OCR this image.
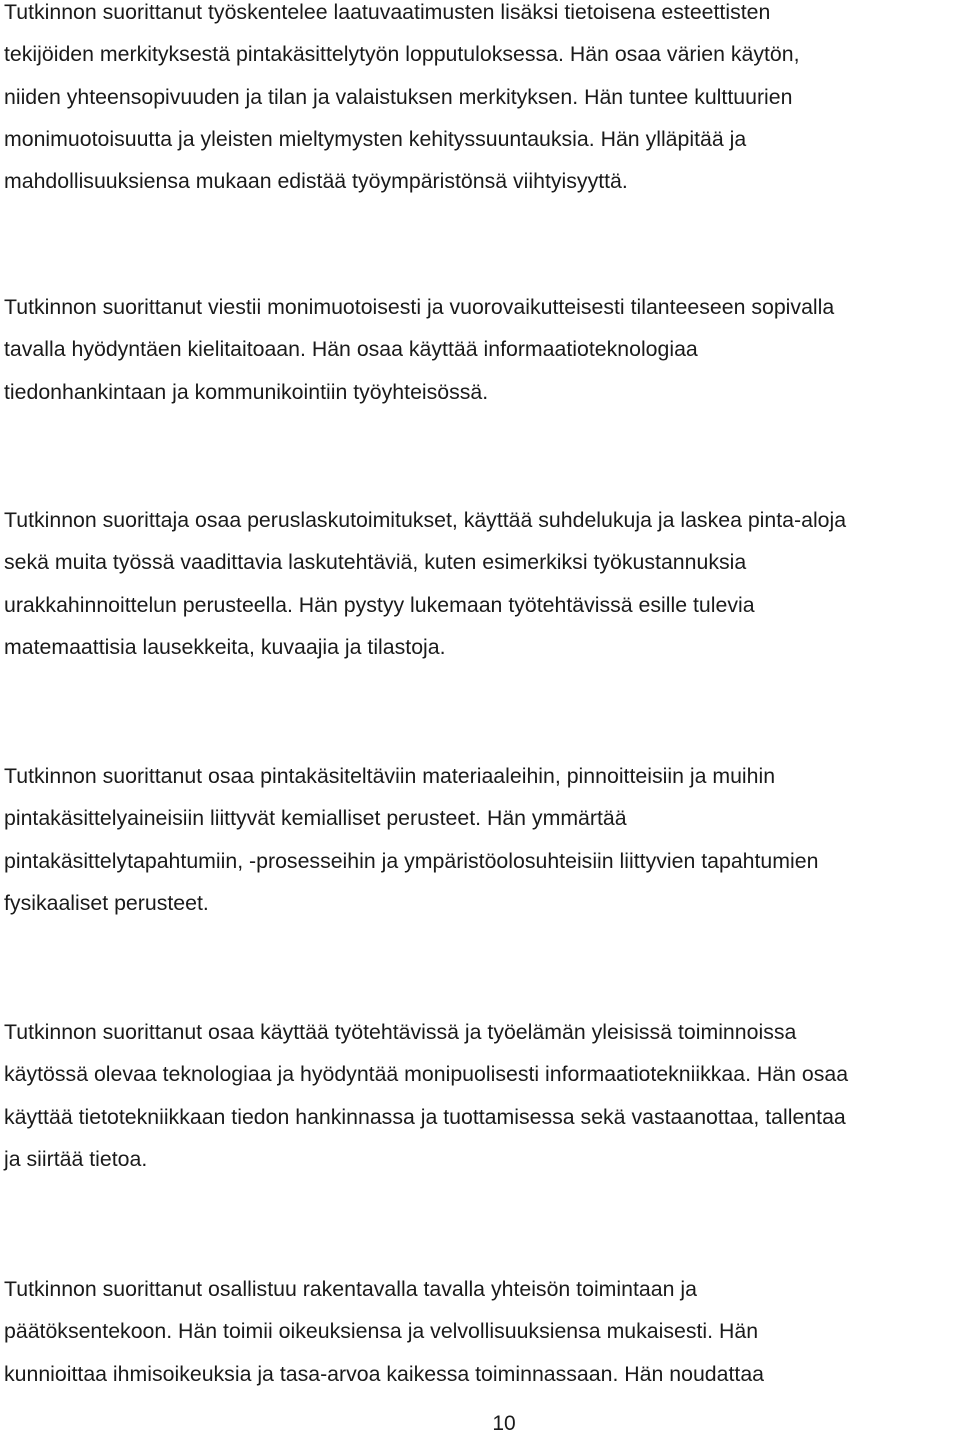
Tutkinnon suorittanut työskentelee laatuvaatimusten lisäksi tietoisena esteettisten
tekijöiden merkityksestä pintakäsittelytyön lopputuloksessa. Hän osaa värien käytön,
niiden yhteensopivuuden ja tilan ja valaistuksen merkityksen. Hän tuntee kulttuurien
monimuotoisuutta ja yleisten mieltymysten kehityssuuntauksia. Hän ylläpitää ja
mahdollisuuksiensa mukaan edistää työympäristönsä viihtyisyyttä.
Tutkinnon suorittanut viestii monimuotoisesti ja vuorovaikutteisesti tilanteeseen sopivalla
tavalla hyödyntäen kielitaitoaan. Hän osaa käyttää informaatioteknologiaa
tiedonhankintaan ja kommunikointiin työyhteisössä.
Tutkinnon suorittaja osaa peruslaskutoimitukset, käyttää suhdelukuja ja laskea pinta-aloja
sekä muita työssä vaadittavia laskutehtäviä, kuten esimerkiksi työkustannuksia
urakkahinnoittelun perusteella. Hän pystyy lukemaan työtehtävissä esille tulevia
matemaattisia lausekkeita, kuvaajia ja tilastoja.
Tutkinnon suorittanut osaa pintakäsiteltäviin materiaaleihin, pinnoitteisiin ja muihin
pintakäsittelyaineisiin liittyvät kemialliset perusteet. Hän ymmärtää
pintakäsittelytapahtumiin, -prosesseihin ja ympäristöolosuhteisiin liittyvien tapahtumien
fysikaaliset perusteet.
Tutkinnon suorittanut osaa käyttää työtehtävissä ja työelämän yleisissä toiminnoissa
käytössä olevaa teknologiaa ja hyödyntää monipuolisesti informaatiotekniikkaa. Hän osaa
käyttää tietotekniikkaan tiedon hankinnassa ja tuottamisessa sekä vastaanottaa, tallentaa
ja siirtää tietoa.
Tutkinnon suorittanut osallistuu rakentavalla tavalla yhteisön toimintaan ja
päätöksentekoon. Hän toimii oikeuksiensa ja velvollisuuksiensa mukaisesti. Hän
kunnioittaa ihmisoikeuksia ja tasa-arvoa kaikessa toiminnassaan. Hän noudattaa
10
